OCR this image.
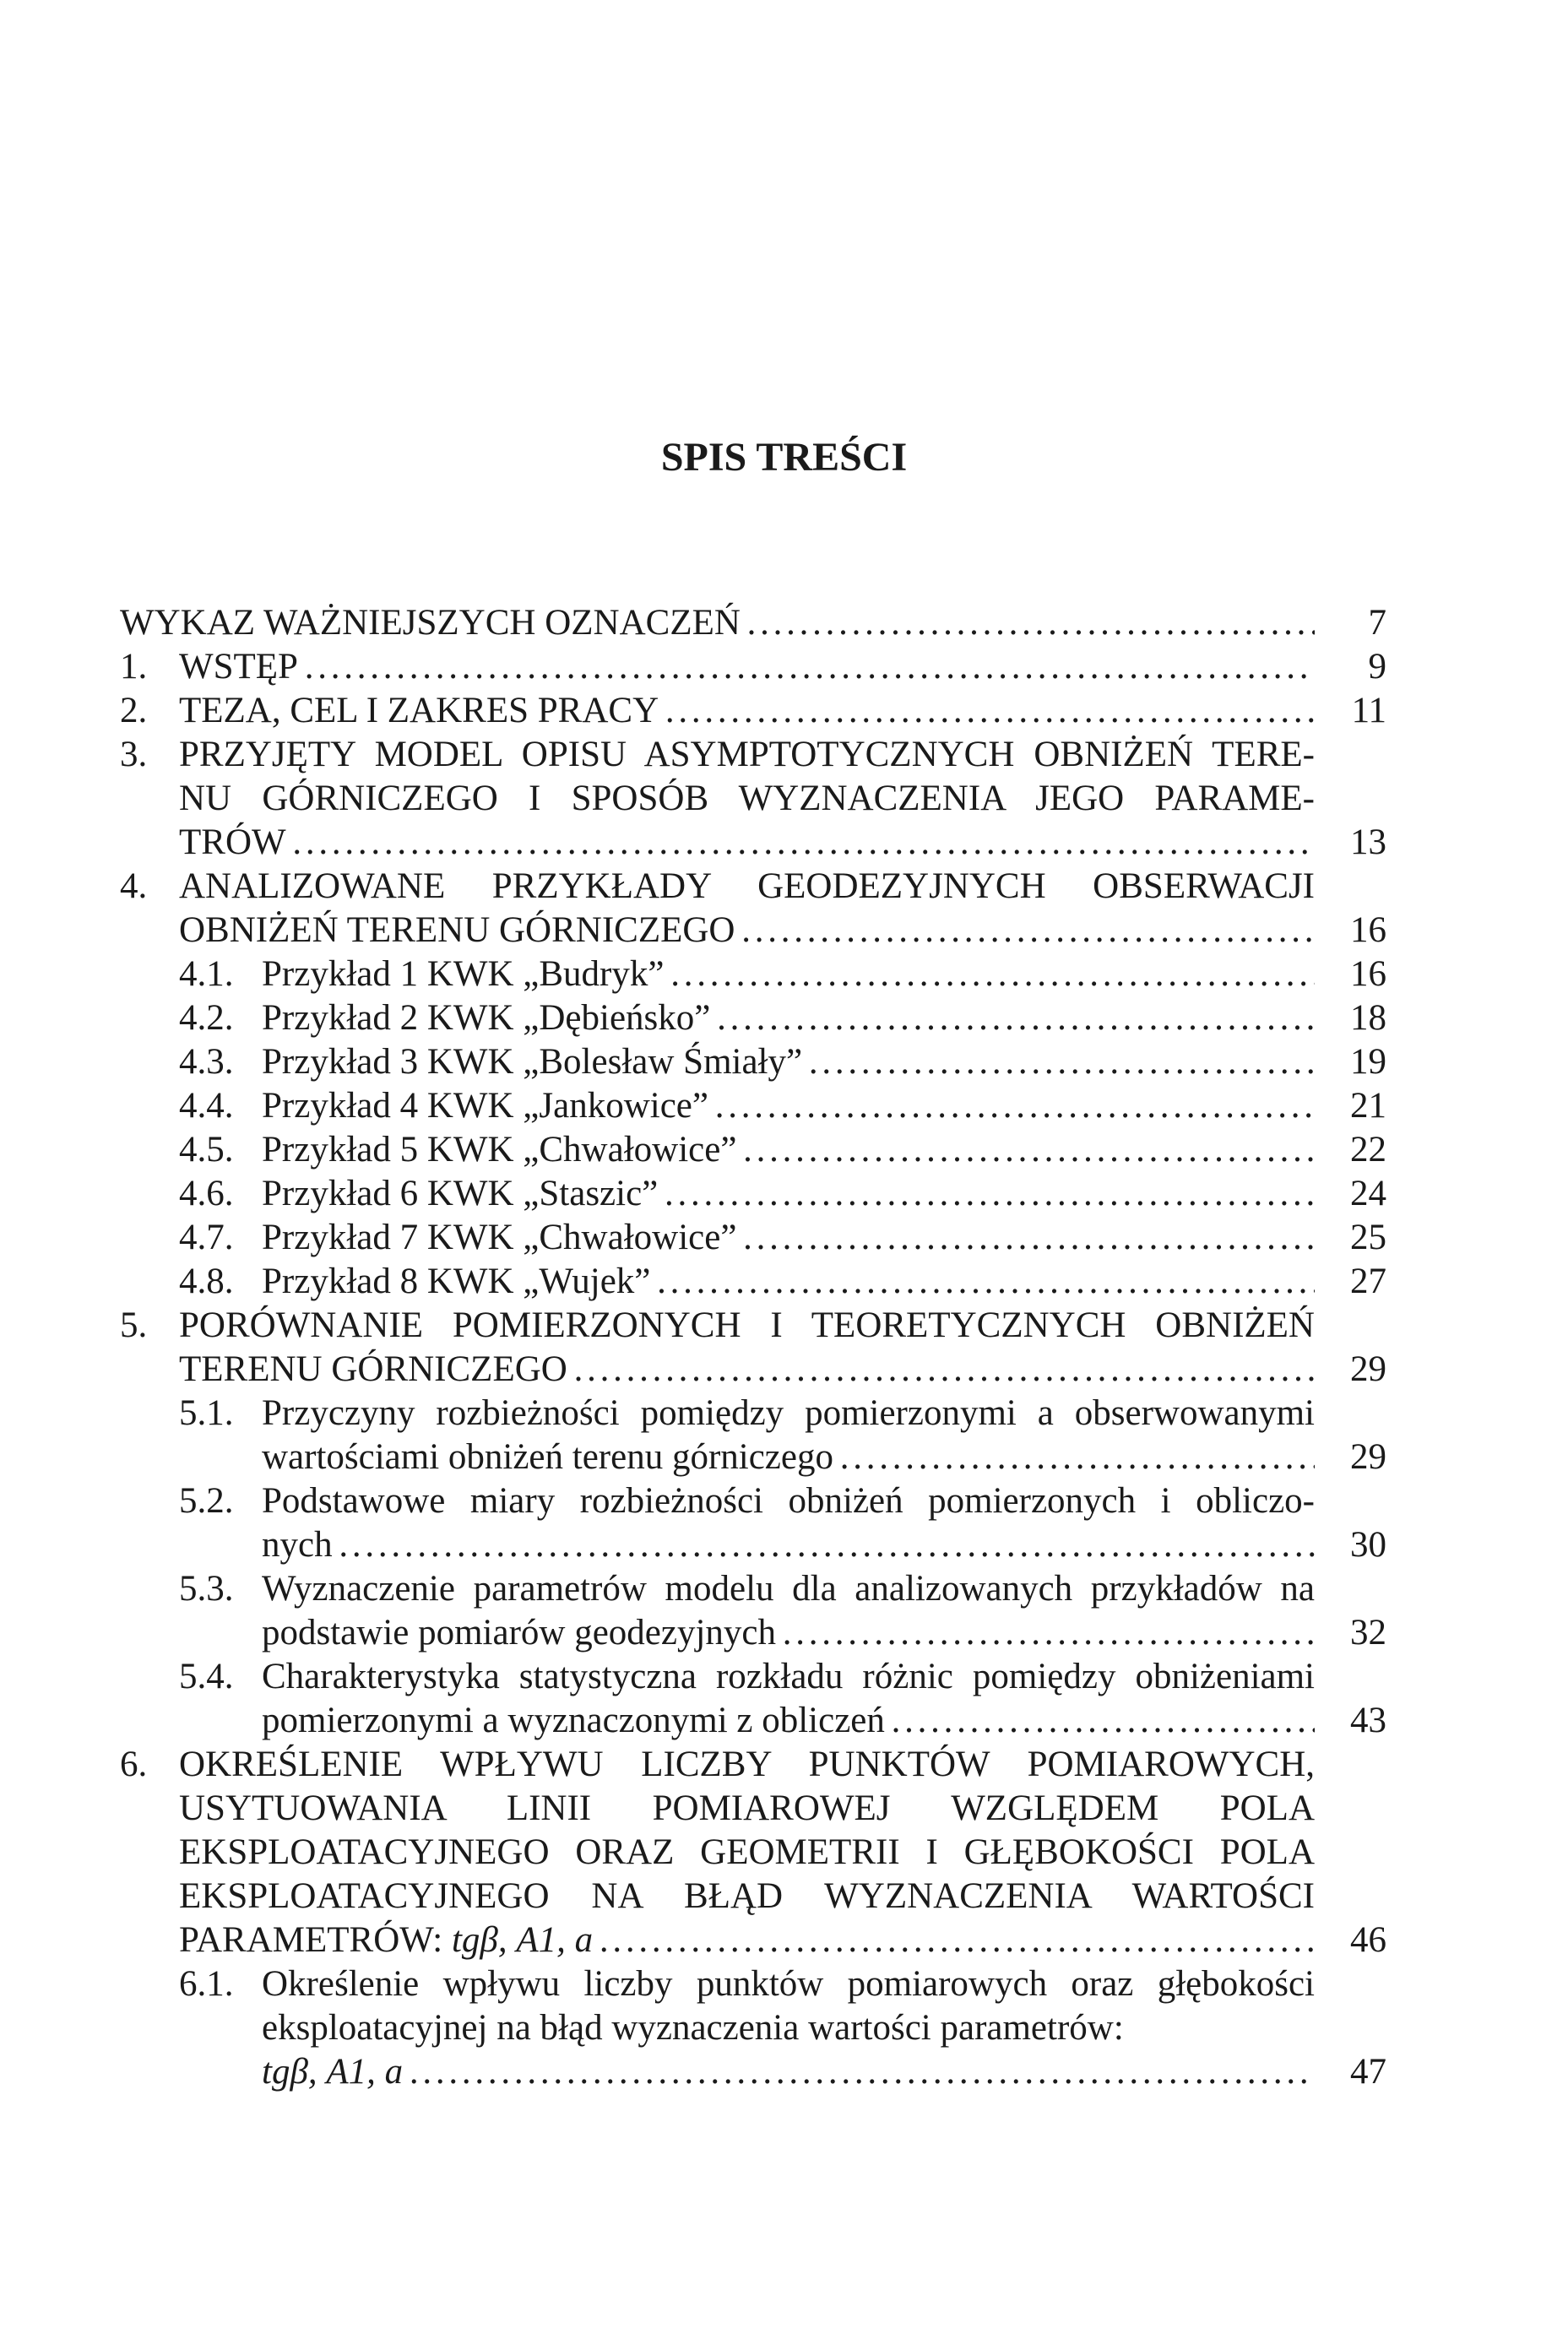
SPIS TREŚCI
WYKAZ WAŻNIEJSZYCH OZNACZEŃ . . .	7
1. WSTĘP . . .	9
2. TEZA, CEL I ZAKRES PRACY . . .	11
3. PRZYJĘTY MODEL OPISU ASYMPTOTYCZNYCH OBNIŻEŃ TERE-
NU GÓRNICZEGO I SPOSÓB WYZNACZENIA JEGO PARAME-
TRÓW . . .	13
4. ANALIZOWANE PRZYKŁADY GEODEZYJNYCH OBSERWACJI
OBNIŻEŃ TERENU GÓRNICZEGO . . .	16
4.1. Przykład 1 KWK „Budryk” . . .	16
4.2. Przykład 2 KWK „Dębieńsko” . . .	18
4.3. Przykład 3 KWK „Bolesław Śmiały” . . .	19
4.4. Przykład 4 KWK „Jankowice” . . .	21
4.5. Przykład 5 KWK „Chwałowice” . . .	22
4.6. Przykład 6 KWK „Staszic” . . .	24
4.7. Przykład 7 KWK „Chwałowice” . . .	25
4.8. Przykład 8 KWK „Wujek” . . .	27
5. PORÓWNANIE POMIERZONYCH I TEORETYCZNYCH OBNIŻEŃ
TERENU GÓRNICZEGO . . .	29
5.1. Przyczyny rozbieżności pomiędzy pomierzonymi a obserwowanymi
wartościami obniżeń terenu górniczego . . .	29
5.2. Podstawowe miary rozbieżności obniżeń pomierzonych i obliczo-
nych . . .	30
5.3. Wyznaczenie parametrów modelu dla analizowanych przykładów na
podstawie pomiarów geodezyjnych . . .	32
5.4. Charakterystyka statystyczna rozkładu różnic pomiędzy obniżeniami
pomierzonymi a wyznaczonymi z obliczeń . . .	43
6. OKREŚLENIE WPŁYWU LICZBY PUNKTÓW POMIAROWYCH,
USYTUOWANIA LINII POMIAROWEJ WZGLĘDEM POLA
EKSPLOATACYJNEGO ORAZ GEOMETRII I GŁĘBOKOŚCI POLA
EKSPLOATACYJNEGO NA BŁĄD WYZNACZENIA WARTOŚCI
PARAMETRÓW: tgβ, A1, a . . .	46
6.1. Określenie wpływu liczby punktów pomiarowych oraz głębokości
eksploatacyjnej na błąd wyznaczenia wartości parametrów:
tgβ, A1, a . . .	47
